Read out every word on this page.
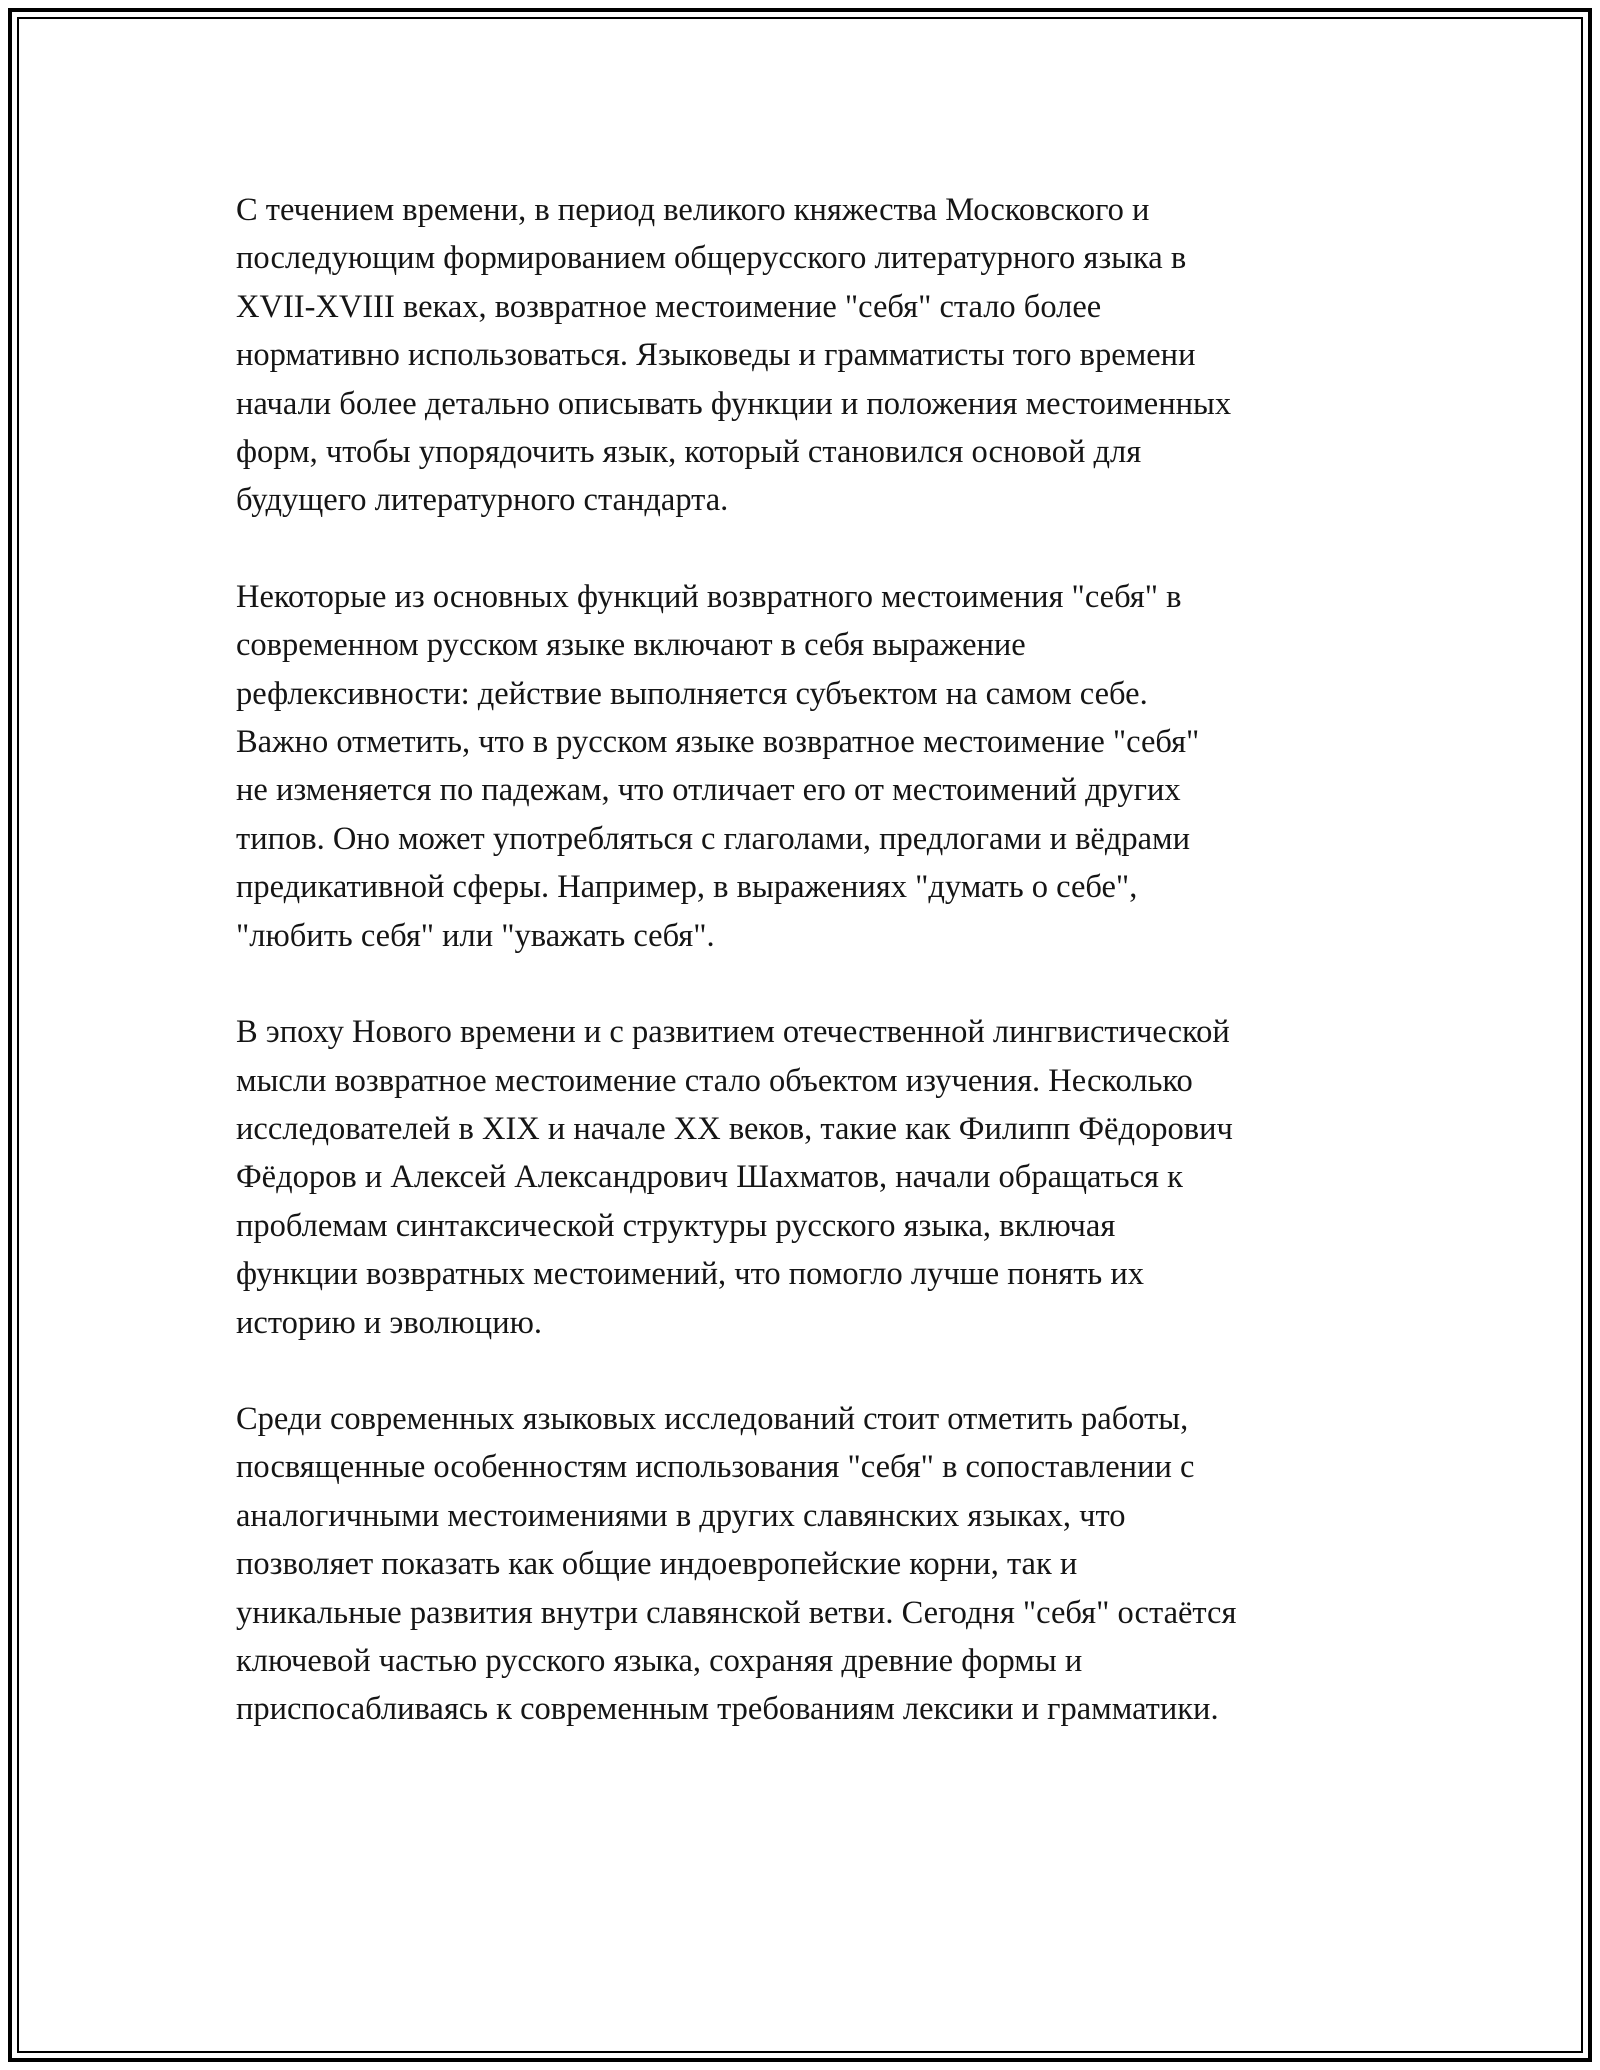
С течением времени, в период великого княжества Московского и
последующим формированием общерусского литературного языка в
XVII-XVIII веках, возвратное местоимение "себя" стало более
нормативно использоваться. Языковеды и грамматисты того времени
начали более детально описывать функции и положения местоименных
форм, чтобы упорядочить язык, который становился основой для
будущего литературного стандарта.

Некоторые из основных функций возвратного местоимения "себя" в
современном русском языке включают в себя выражение
рефлексивности: действие выполняется субъектом на самом себе.
Важно отметить, что в русском языке возвратное местоимение "себя"
не изменяется по падежам, что отличает его от местоимений других
типов. Оно может употребляться с глаголами, предлогами и вёдрами
предикативной сферы. Например, в выражениях "думать о себе",
"любить себя" или "уважать себя".

В эпоху Нового времени и с развитием отечественной лингвистической
мысли возвратное местоимение стало объектом изучения. Несколько
исследователей в XIX и начале XX веков, такие как Филипп Фёдорович
Фёдоров и Алексей Александрович Шахматов, начали обращаться к
проблемам синтаксической структуры русского языка, включая
функции возвратных местоимений, что помогло лучше понять их
историю и эволюцию.

Среди современных языковых исследований стоит отметить работы,
посвященные особенностям использования "себя" в сопоставлении с
аналогичными местоимениями в других славянских языках, что
позволяет показать как общие индоевропейские корни, так и
уникальные развития внутри славянской ветви. Сегодня "себя" остаётся
ключевой частью русского языка, сохраняя древние формы и
приспосабливаясь к современным требованиям лексики и грамматики.
